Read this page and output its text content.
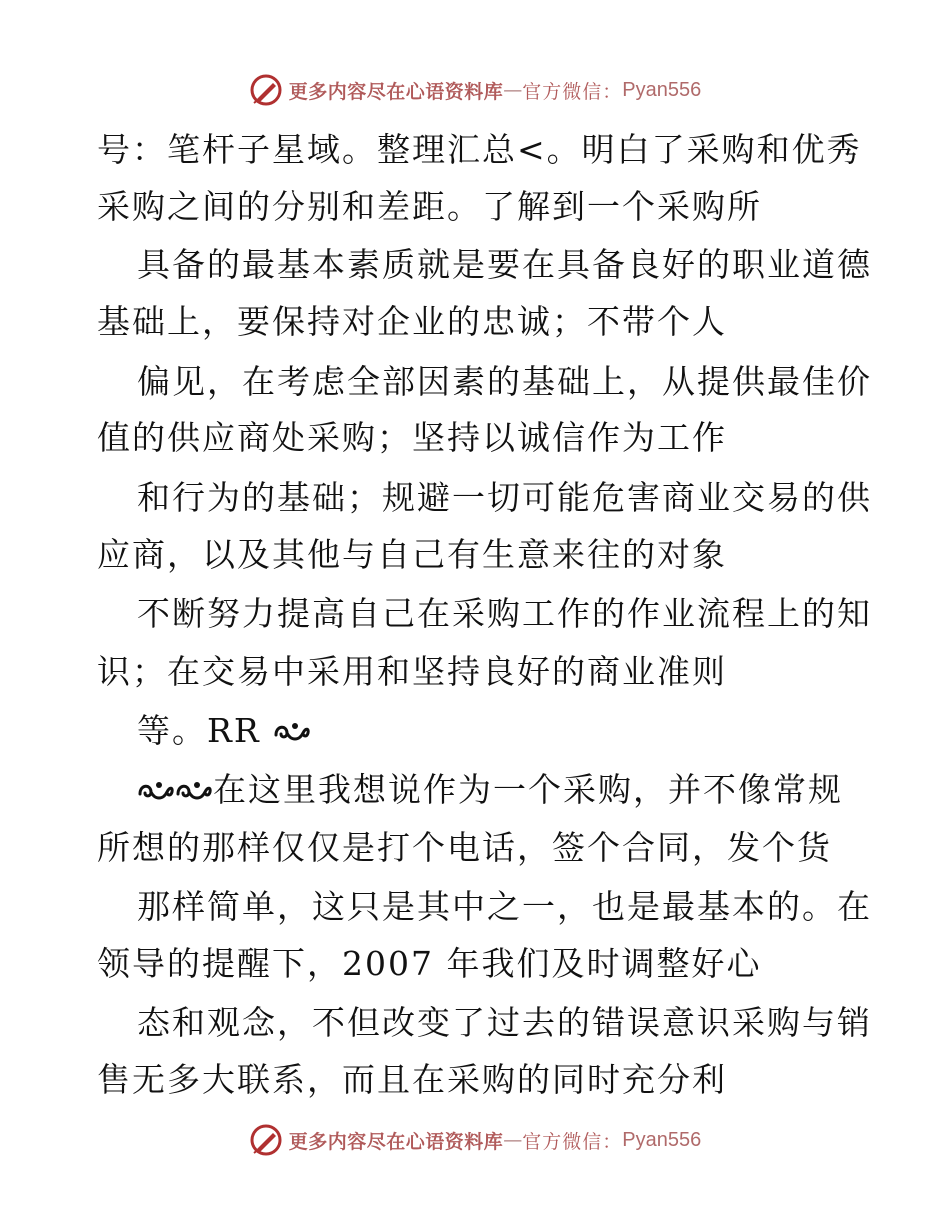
更多内容尽在心语资料库 — 官方微信： Pyan556
号：笔杆子星域。整理汇总<。明白了采购和优秀
采购之间的分别和差距。了解到一个采购所
具备的最基本素质就是要在具备良好的职业道德
基础上，要保持对企业的忠诚；不带个人
偏见，在考虑全部因素的基础上，从提供最佳价
值的供应商处采购；坚持以诚信作为工作
和行为的基础；规避一切可能危害商业交易的供
应商，以及其他与自己有生意来往的对象
不断努力提高自己在采购工作的作业流程上的知
识；在交易中采用和坚持良好的商业准则
等。RR
在这里我想说作为一个采购，并不像常规
所想的那样仅仅是打个电话，签个合同，发个货
那样简单，这只是其中之一，也是最基本的。在
领导的提醒下，2007 年我们及时调整好心
态和观念，不但改变了过去的错误意识采购与销
售无多大联系，而且在采购的同时充分利
更多内容尽在心语资料库 — 官方微信： Pyan556
